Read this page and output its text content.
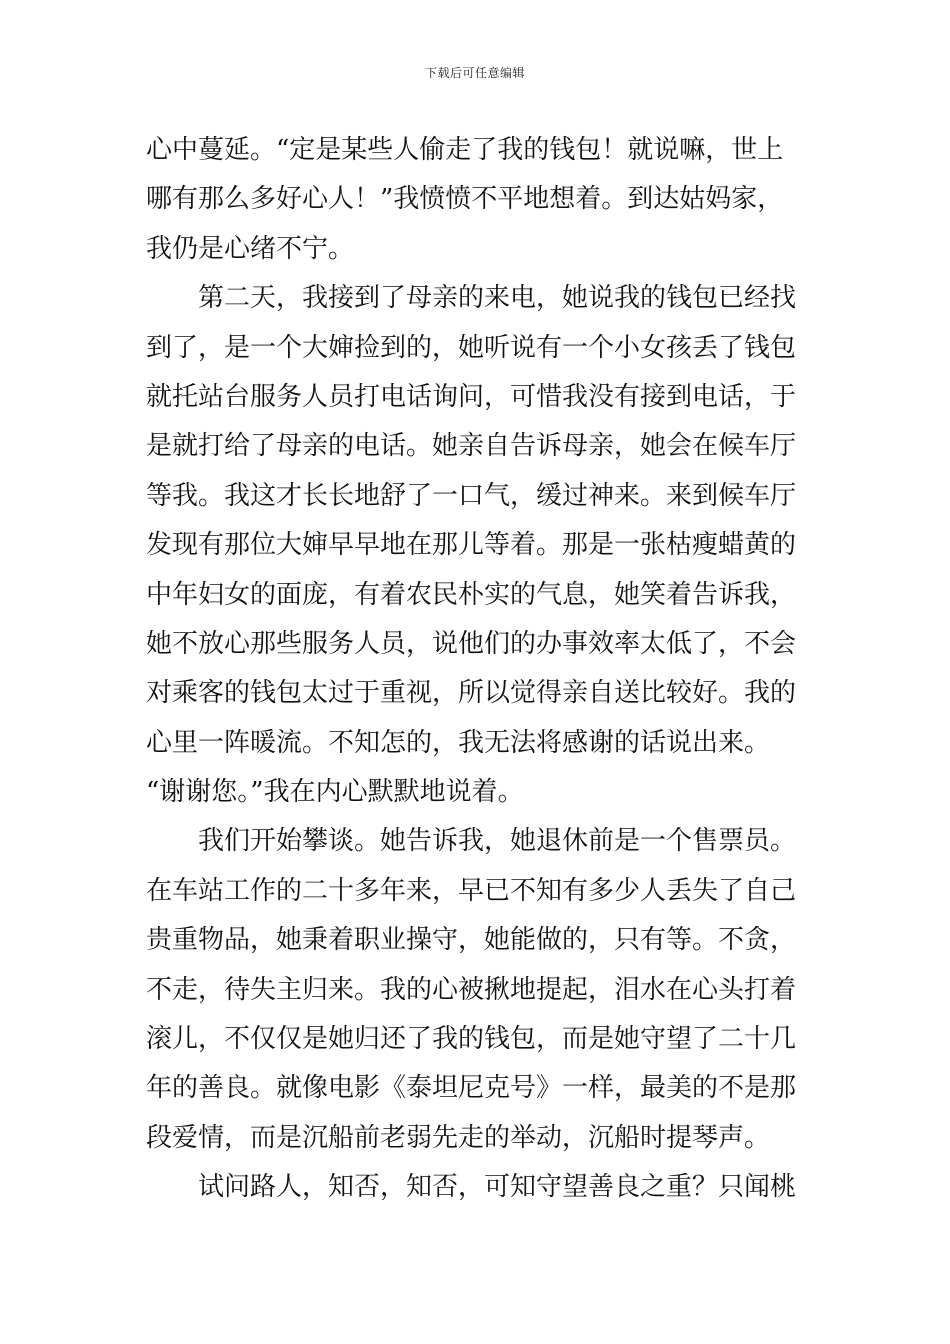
下载后可任意编辑
心中蔓延。“定是某些人偷走了我的钱包！就说嘛，世上
哪有那么多好心人！”我愤愤不平地想着。到达姑妈家，
我仍是心绪不宁。
第二天，我接到了母亲的来电，她说我的钱包已经找
到了，是一个大婶捡到的，她听说有一个小女孩丢了钱包
就托站台服务人员打电话询问，可惜我没有接到电话，于
是就打给了母亲的电话。她亲自告诉母亲，她会在候车厅
等我。我这才长长地舒了一口气，缓过神来。来到候车厅
发现有那位大婶早早地在那儿等着。那是一张枯瘦蜡黄的
中年妇女的面庞，有着农民朴实的气息，她笑着告诉我，
她不放心那些服务人员，说他们的办事效率太低了，不会
对乘客的钱包太过于重视，所以觉得亲自送比较好。我的
心里一阵暖流。不知怎的，我无法将感谢的话说出来。
“谢谢您。”我在内心默默地说着。
我们开始攀谈。她告诉我，她退休前是一个售票员。
在车站工作的二十多年来，早已不知有多少人丢失了自己
贵重物品，她秉着职业操守，她能做的，只有等。不贪，
不走，待失主归来。我的心被揪地提起，泪水在心头打着
滚儿，不仅仅是她归还了我的钱包，而是她守望了二十几
年的善良。就像电影《泰坦尼克号》一样，最美的不是那
段爱情，而是沉船前老弱先走的举动，沉船时提琴声。
试问路人，知否，知否，可知守望善良之重？只闻桃
